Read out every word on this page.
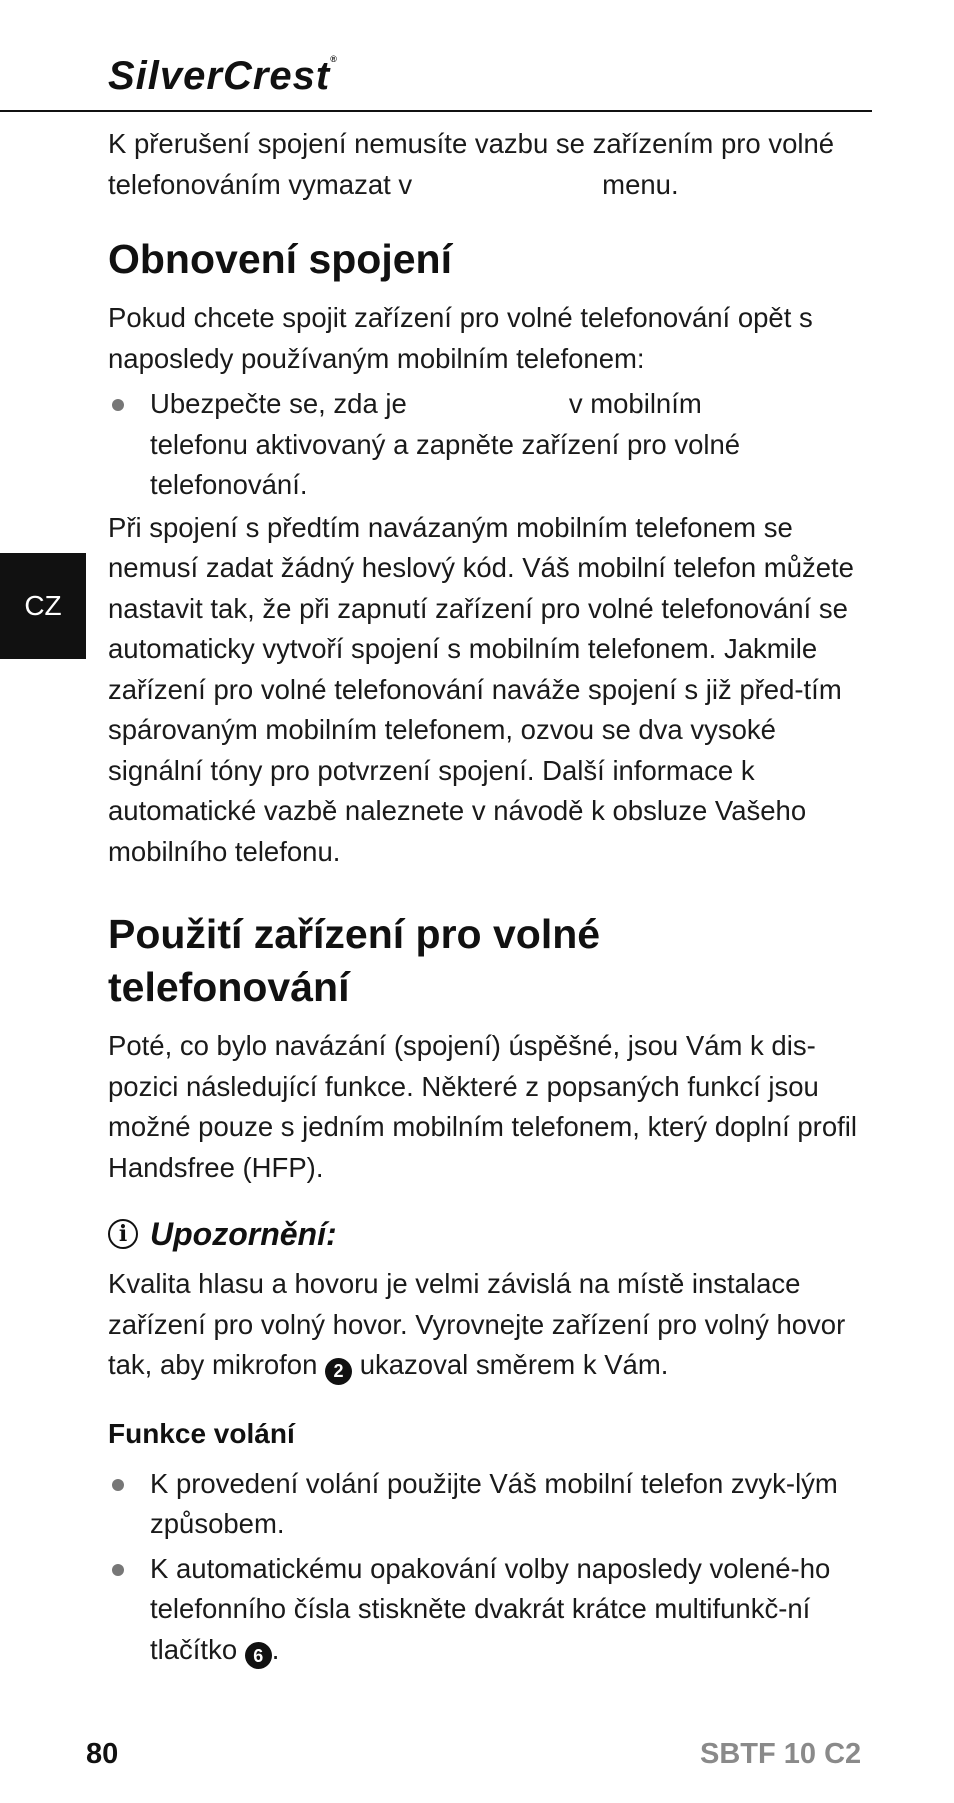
SilverCrest®
CZ

K přerušení spojení nemusíte vazbu se zařízením pro volné
telefonováním vymazat v	menu.

Obnovení spojení

Pokud chcete spojit zařízení pro volné telefonování opět s naposledy používaným mobilním telefonem:

Ubezpečte se, zda je	v mobilním
telefonu aktivovaný a zapněte zařízení pro volné telefonování.

Při spojení s předtím navázaným mobilním telefonem se nemusí zadat žádný heslový kód. Váš mobilní telefon můžete nastavit tak, že při zapnutí zařízení pro volné telefonování se automaticky vytvoří spojení s mobilním telefonem. Jakmile zařízení pro volné telefonování naváže spojení s již před-tím spárovaným mobilním telefonem, ozvou se dva vysoké signální tóny pro potvrzení spojení. Další informace k automatické vazbě naleznete v návodě k obsluze Vašeho mobilního telefonu.

Použití zařízení pro volné
telefonování

Poté, co bylo navázání (spojení) úspěšné, jsou Vám k dis-pozici následující funkce. Některé z popsaných funkcí jsou možné pouze s jedním mobilním telefonem, který doplní profil Handsfree (HFP).

i Upozornění:

Kvalita hlasu a hovoru je velmi závislá na místě instalace zařízení pro volný hovor. Vyrovnejte zařízení pro volný hovor tak, aby mikrofon 2 ukazoval směrem k Vám.

Funkce volání
K provedení volání použijte Váš mobilní telefon zvyk-lým způsobem.
K automatickému opakování volby naposledy volené-ho telefonního čísla stiskněte dvakrát krátce multifunkč-ní tlačítko 6 .
80	SBTF 10 C2
